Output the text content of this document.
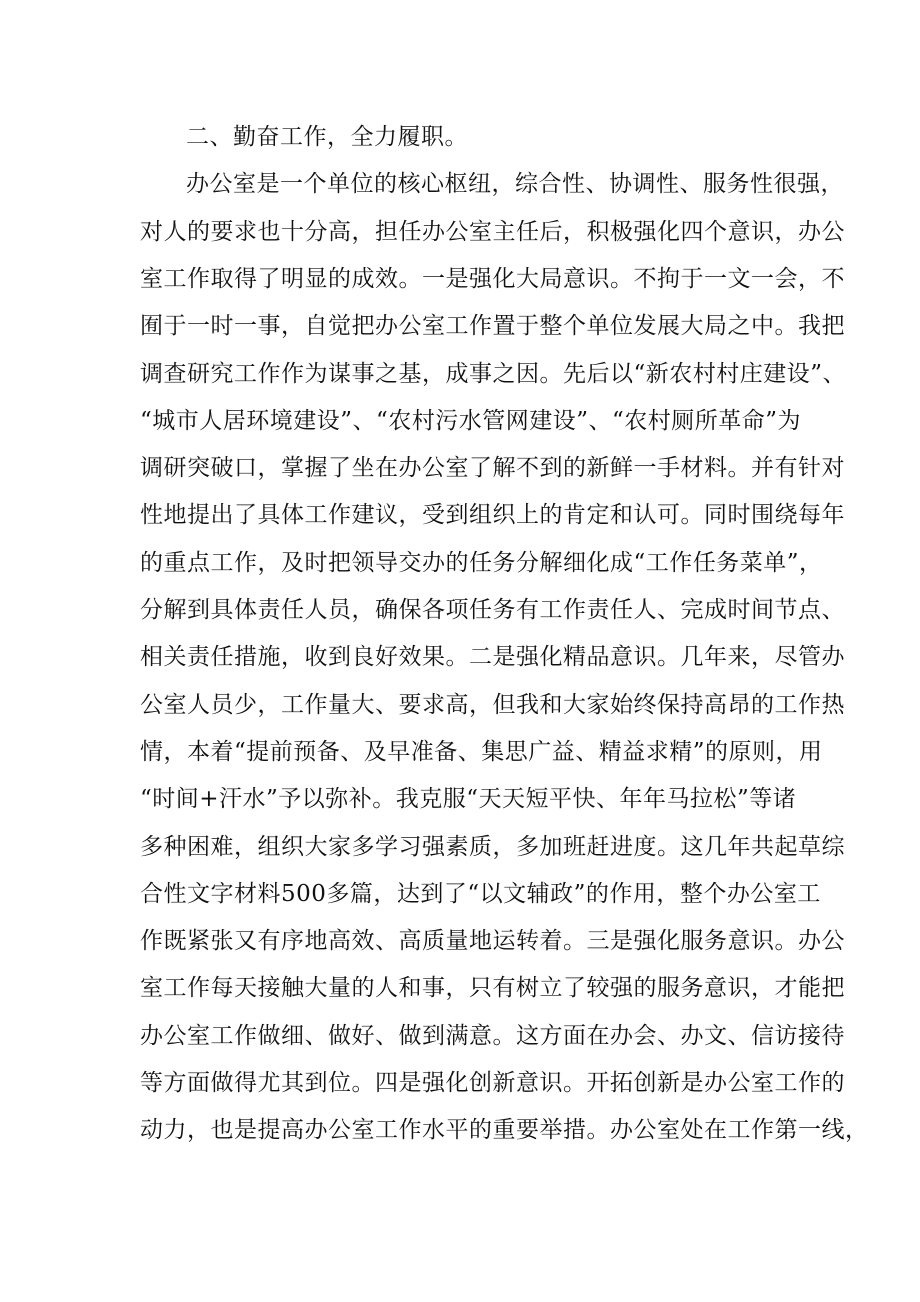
二、勤奋工作，全力履职。
办公室是一个单位的核心枢纽，综合性、协调性、服务性很强，
对人的要求也十分高，担任办公室主任后，积极强化四个意识，办公
室工作取得了明显的成效。一是强化大局意识。不拘于一文一会，不
囿于一时一事，自觉把办公室工作置于整个单位发展大局之中。我把
调查研究工作作为谋事之基，成事之因。先后以“新农村村庄建设”、
“城市人居环境建设”、“农村污水管网建设”、“农村厕所革命”为
调研突破口，掌握了坐在办公室了解不到的新鲜一手材料。并有针对
性地提出了具体工作建议，受到组织上的肯定和认可。同时围绕每年
的重点工作，及时把领导交办的任务分解细化成“工作任务菜单”，
分解到具体责任人员，确保各项任务有工作责任人、完成时间节点、
相关责任措施，收到良好效果。二是强化精品意识。几年来，尽管办
公室人员少，工作量大、要求高，但我和大家始终保持高昂的工作热
情，本着“提前预备、及早准备、集思广益、精益求精”的原则，用
“时间+汗水”予以弥补。我克服“天天短平快、年年马拉松”等诸
多种困难，组织大家多学习强素质，多加班赶进度。这几年共起草综
合性文字材料500多篇，达到了“以文辅政”的作用，整个办公室工
作既紧张又有序地高效、高质量地运转着。三是强化服务意识。办公
室工作每天接触大量的人和事，只有树立了较强的服务意识，才能把
办公室工作做细、做好、做到满意。这方面在办会、办文、信访接待
等方面做得尤其到位。四是强化创新意识。开拓创新是办公室工作的
动力，也是提高办公室工作水平的重要举措。办公室处在工作第一线，
